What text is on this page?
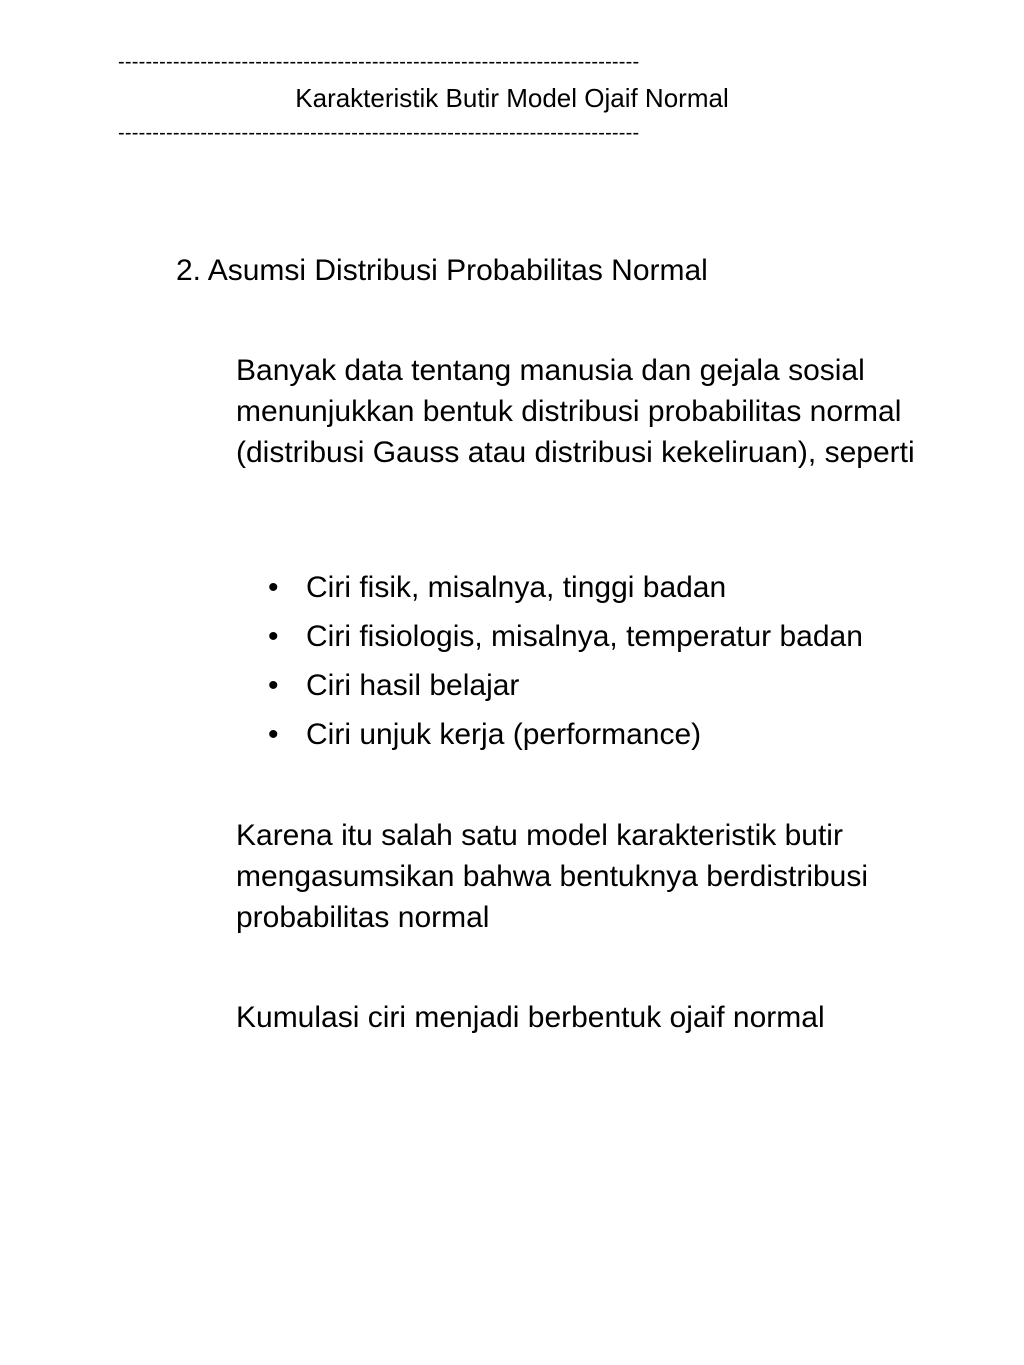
----------------------------------------------------------------------------
Karakteristik Butir Model Ojaif Normal
----------------------------------------------------------------------------
2. Asumsi Distribusi Probabilitas Normal
Banyak data tentang manusia dan gejala sosial menunjukkan bentuk distribusi probabilitas normal (distribusi Gauss atau distribusi kekeliruan), seperti
• Ciri fisik, misalnya, tinggi badan
• Ciri fisiologis, misalnya, temperatur badan
• Ciri hasil belajar
• Ciri unjuk kerja (performance)
Karena itu salah satu model karakteristik butir mengasumsikan bahwa bentuknya berdistribusi probabilitas normal
Kumulasi ciri menjadi berbentuk ojaif normal
